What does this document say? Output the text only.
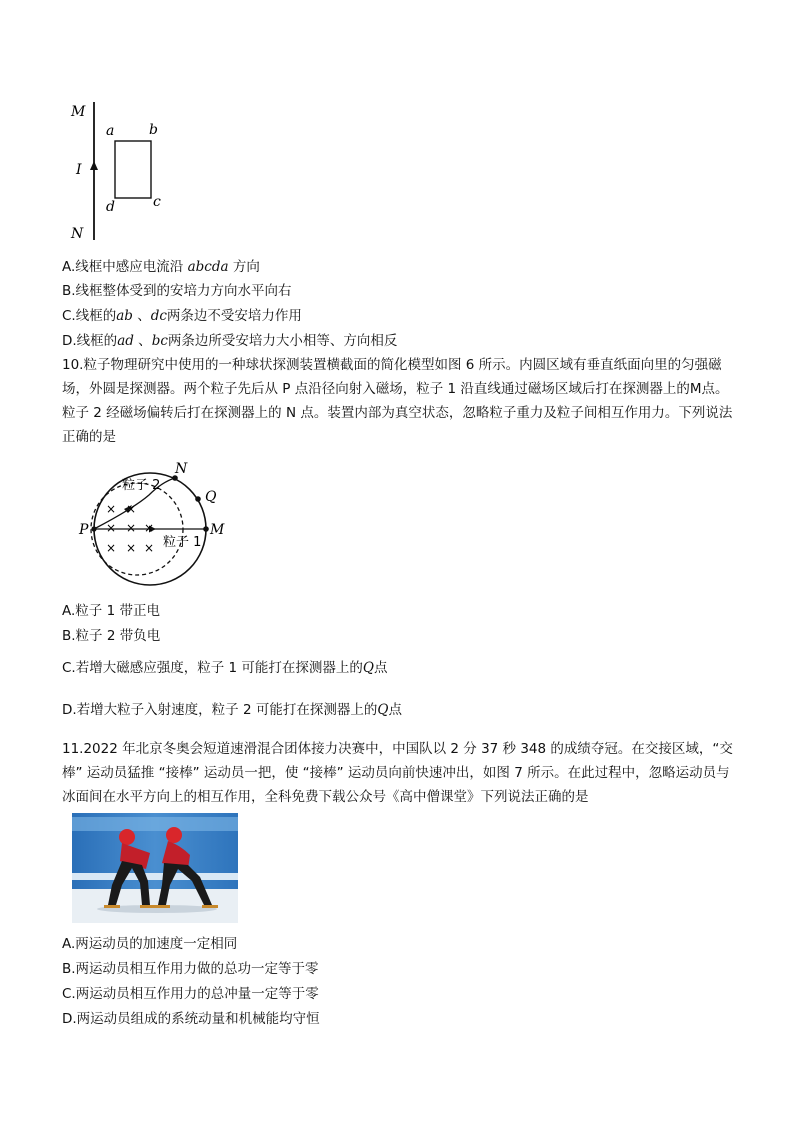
M
I
N
a b
d	c
A.线框中感应电流沿 abcda 方向
B.线框整体受到的安培力方向水平向右
C.线框的ab 、dc两条边不受安培力作用
D.线框的ad 、bc两条边所受安培力大小相等、方向相反
10.粒子物理研究中使用的一种球状探测装置横截面的简化模型如图 6 所示。内圆区域有垂直纸面向里的匀强磁场，外圆是探测器。两个粒子先后从 P 点沿径向射入磁场，粒子 1 沿直线通过磁场区域后打在探测器上的M点。粒子 2 经磁场偏转后打在探测器上的 N 点。装置内部为真空状态，忽略粒子重力及粒子间相互作用力。下列说法正确的是
× ×
× × ×
× × ×
粒子 2
粒子 1
P	M
N
Q
A.粒子 1 带正电
B.粒子 2 带负电
C.若增大磁感应强度，粒子 1 可能打在探测器上的Q点
D.若增大粒子入射速度，粒子 2 可能打在探测器上的Q点
11.2022 年北京冬奥会短道速滑混合团体接力决赛中，中国队以 2 分 37 秒 348 的成绩夺冠。在交接区域，“交棒” 运动员猛推 “接棒” 运动员一把，使 “接棒” 运动员向前快速冲出，如图 7 所示。在此过程中，忽略运动员与冰面间在水平方向上的相互作用，全科免费下载公众号《高中僧课堂》下列说法正确的是
A.两运动员的加速度一定相同
B.两运动员相互作用力做的总功一定等于零
C.两运动员相互作用力的总冲量一定等于零
D.两运动员组成的系统动量和机械能均守恒
